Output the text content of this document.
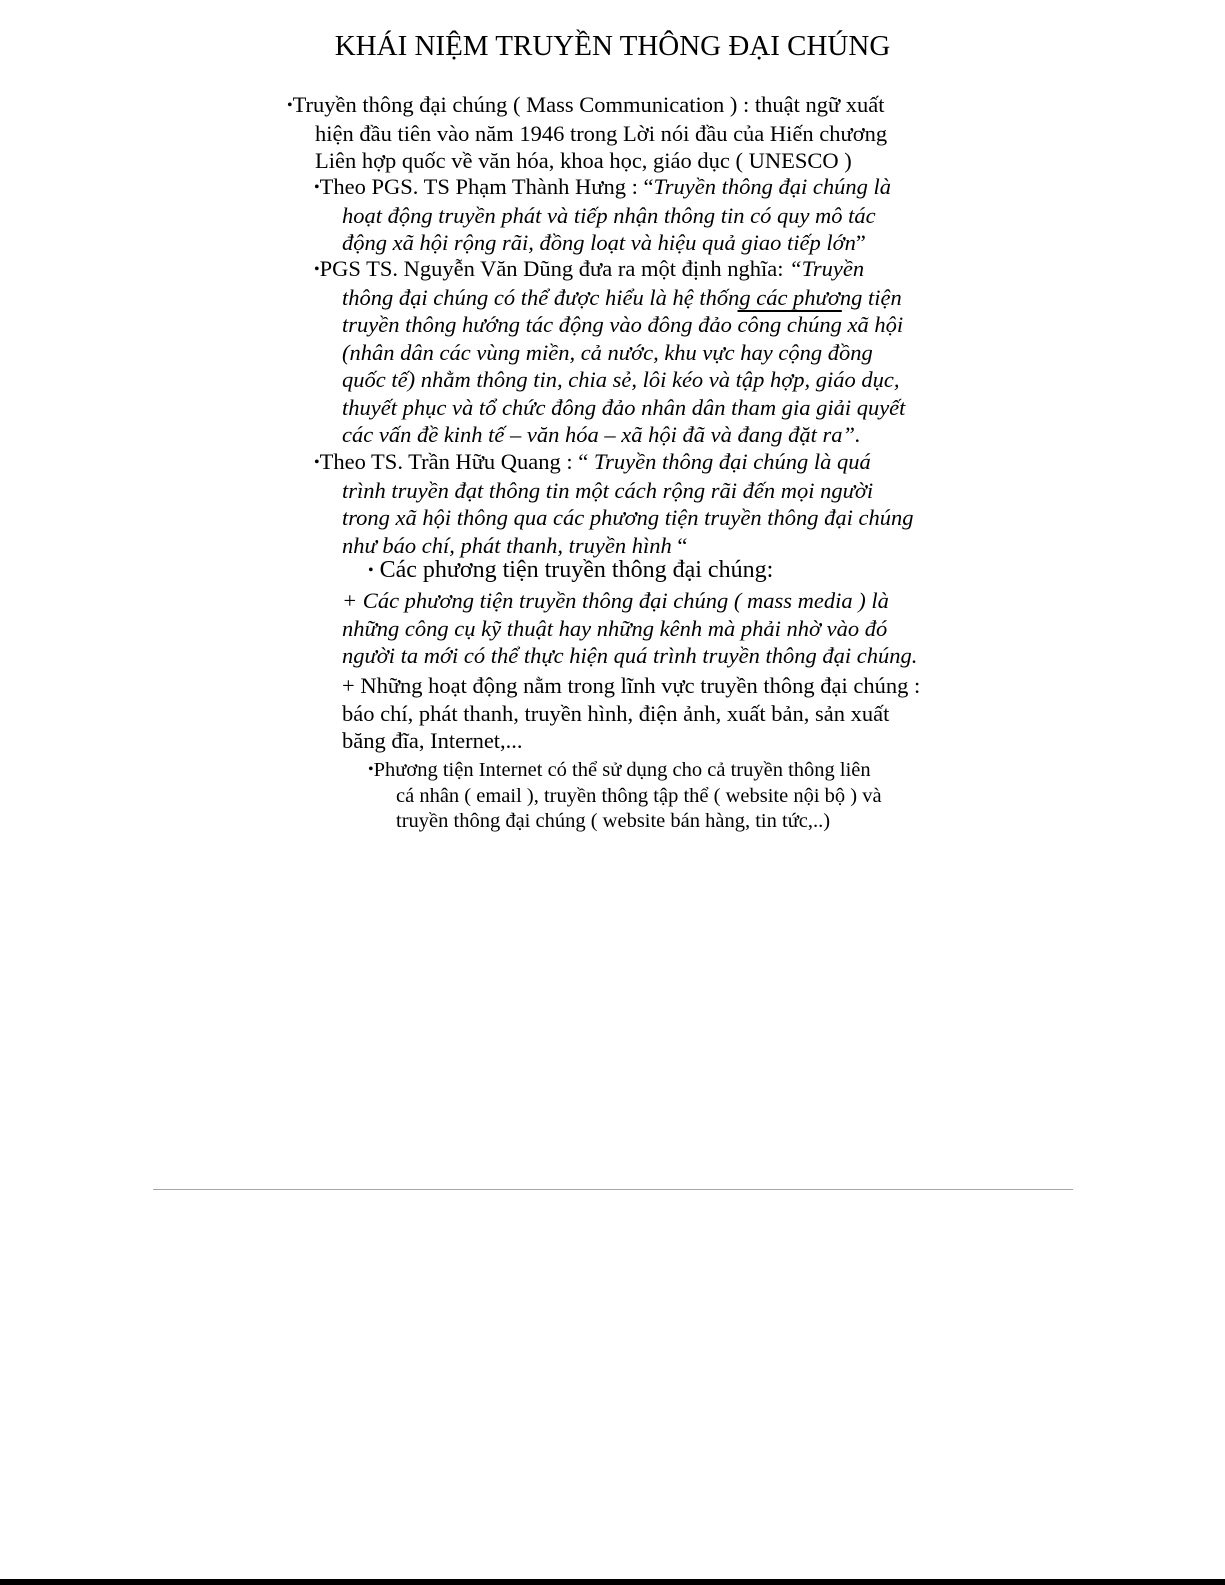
KHÁI NIỆM TRUYỀN THÔNG ĐẠI CHÚNG
•Truyền thông đại chúng ( Mass Communication ) : thuật ngữ xuất
hiện đầu tiên vào năm 1946 trong Lời nói đầu của Hiến chương
Liên hợp quốc về văn hóa, khoa học, giáo dục ( UNESCO )
•Theo PGS. TS Phạm Thành Hưng : “Truyền thông đại chúng là
hoạt động truyền phát và tiếp nhận thông tin có quy mô tác
động xã hội rộng rãi, đồng loạt và hiệu quả giao tiếp lớn”
•PGS TS. Nguyễn Văn Dũng đưa ra một định nghĩa: “Truyền
thông đại chúng có thể được hiểu là hệ thống các phương tiện
truyền thông hướng tác động vào đông đảo công chúng xã hội
(nhân dân các vùng miền, cả nước, khu vực hay cộng đồng
quốc tế) nhằm thông tin, chia sẻ, lôi kéo và tập hợp, giáo dục,
thuyết phục và tổ chức đông đảo nhân dân tham gia giải quyết
các vấn đề kinh tế – văn hóa – xã hội đã và đang đặt ra”.
•Theo TS. Trần Hữu Quang : “ Truyền thông đại chúng là quá
trình truyền đạt thông tin một cách rộng rãi đến mọi người
trong xã hội thông qua các phương tiện truyền thông đại chúng
như báo chí, phát thanh, truyền hình “
• Các phương tiện truyền thông đại chúng:
+ Các phương tiện truyền thông đại chúng ( mass media ) là
những công cụ kỹ thuật hay những kênh mà phải nhờ vào đó
người ta mới có thể thực hiện quá trình truyền thông đại chúng.
+ Những hoạt động nằm trong lĩnh vực truyền thông đại chúng :
báo chí, phát thanh, truyền hình, điện ảnh, xuất bản, sản xuất
băng đĩa, Internet,...
•Phương tiện Internet có thể sử dụng cho cả truyền thông liên
cá nhân ( email ), truyền thông tập thể ( website nội bộ ) và
truyền thông đại chúng ( website bán hàng, tin tức,..)
